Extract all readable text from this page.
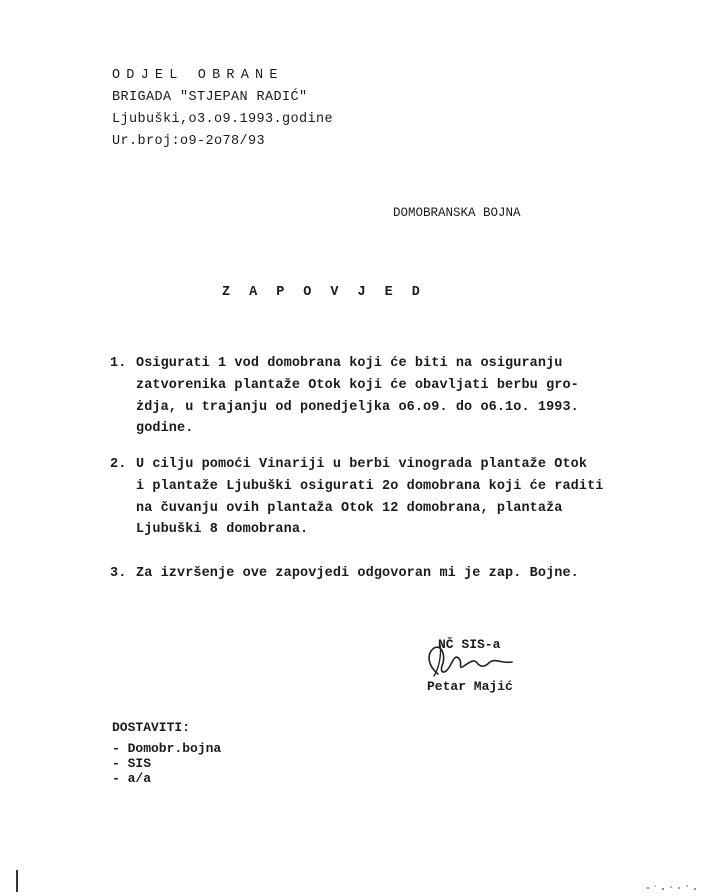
ODJEL OBRANE
BRIGADA "STJEPAN RADIĆ"
Ljubuški,o3.o9.1993.godine
Ur.broj:o9-2o78/93
DOMOBRANSKA BOJNA
ZAPOVJED
1. Osigurati 1 vod domobrana koji će biti na osiguranju
zatvorenika plantaže Otok koji će obavljati berbu gro-
żdja, u trajanju od ponedjeljka o6.o9. do o6.1o. 1993.
godine.
2. U cilju pomoći Vinariji u berbi vinograda plantaže Otok
i plantaže Ljubuški osigurati 2o domobrana koji će raditi
na čuvanju ovih plantaža Otok 12 domobrana, plantaža
Ljubuški 8 domobrana.
3. Za izvršenje ove zapovjedi odgovoran mi je zap. Bojne.
NČ SIS-a
Petar Majić
DOSTAVITI:
- Domobr.bojna
- SIS
- a/a
